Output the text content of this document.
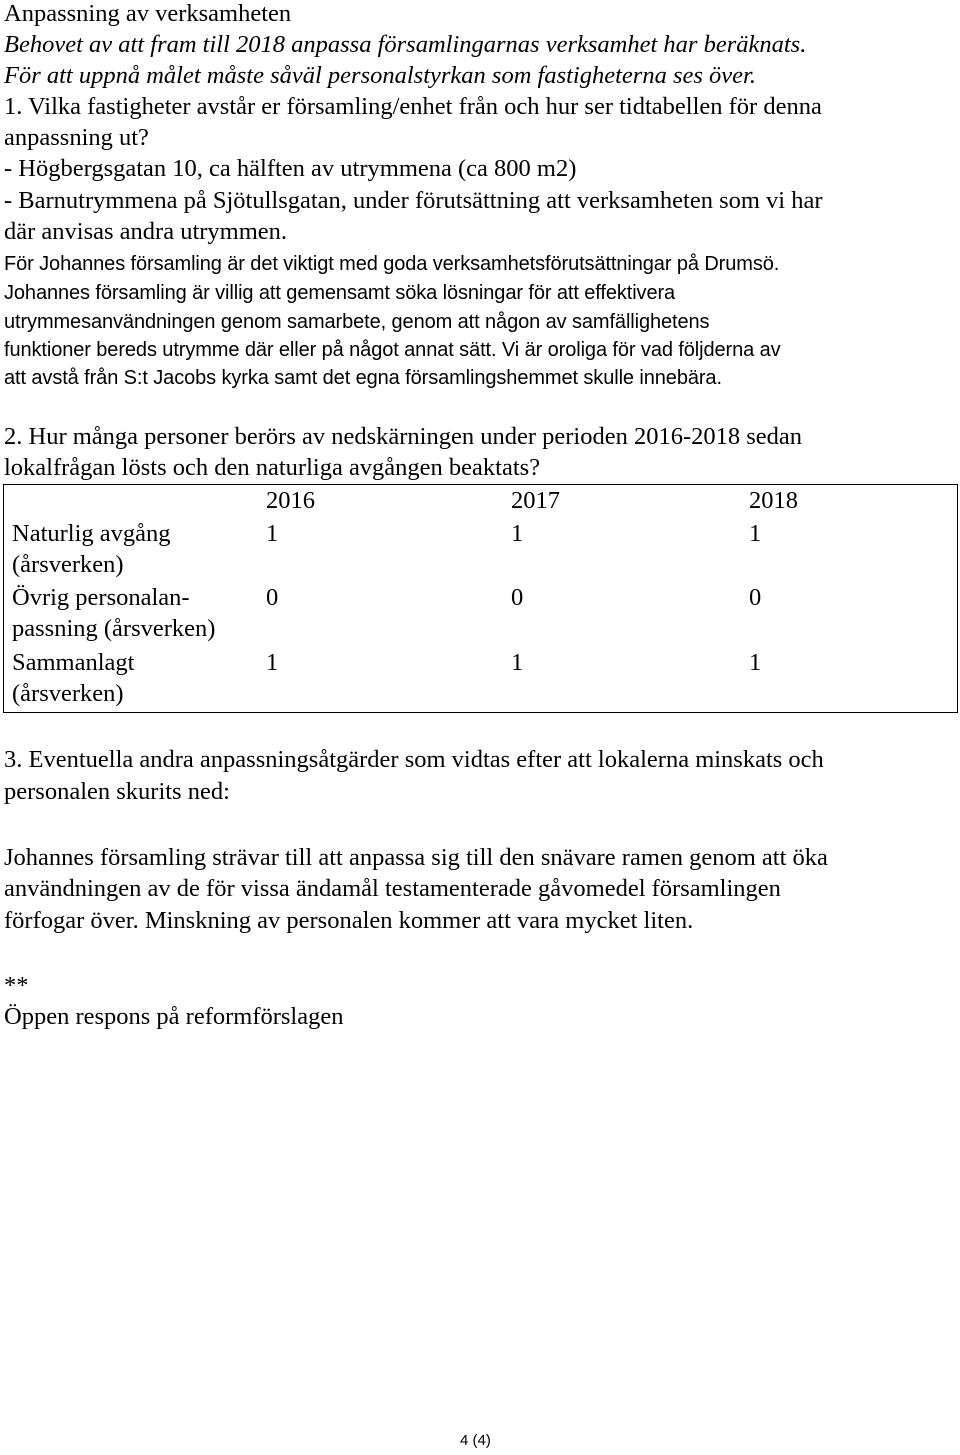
Anpassning av verksamheten
Behovet av att fram till 2018 anpassa församlingarnas verksamhet har beräknats.
För att uppnå målet måste såväl personalstyrkan som fastigheterna ses över.
1. Vilka fastigheter avstår er församling/enhet från och hur ser tidtabellen för denna
anpassning ut?
- Högbergsgatan 10, ca hälften av utrymmena (ca 800 m2)
- Barnutrymmena på Sjötullsgatan, under förutsättning att verksamheten som vi har
där anvisas andra utrymmen.
För Johannes församling är det viktigt med goda verksamhetsförutsättningar på Drumsö.
Johannes församling är villig att gemensamt söka lösningar för att effektivera
utrymmesanvändningen genom samarbete, genom att någon av samfällighetens
funktioner bereds utrymme där eller på något annat sätt. Vi är oroliga för vad följderna av
att avstå från S:t Jacobs kyrka samt det egna församlingshemmet skulle innebära.
2. Hur många personer berörs av nedskärningen under perioden 2016-2018 sedan
lokalfrågan lösts och den naturliga avgången beaktats?
2016	2017	2018
Naturlig avgång
(årsverken)
1	1	1
Övrig personalan-
passning (årsverken)
0	0	0
Sammanlagt
(årsverken)
1	1	1
3. Eventuella andra anpassningsåtgärder som vidtas efter att lokalerna minskats och
personalen skurits ned:
Johannes församling strävar till att anpassa sig till den snävare ramen genom att öka
användningen av de för vissa ändamål testamenterade gåvomedel församlingen
förfogar över. Minskning av personalen kommer att vara mycket liten.
**
Öppen respons på reformförslagen
4 (4)
